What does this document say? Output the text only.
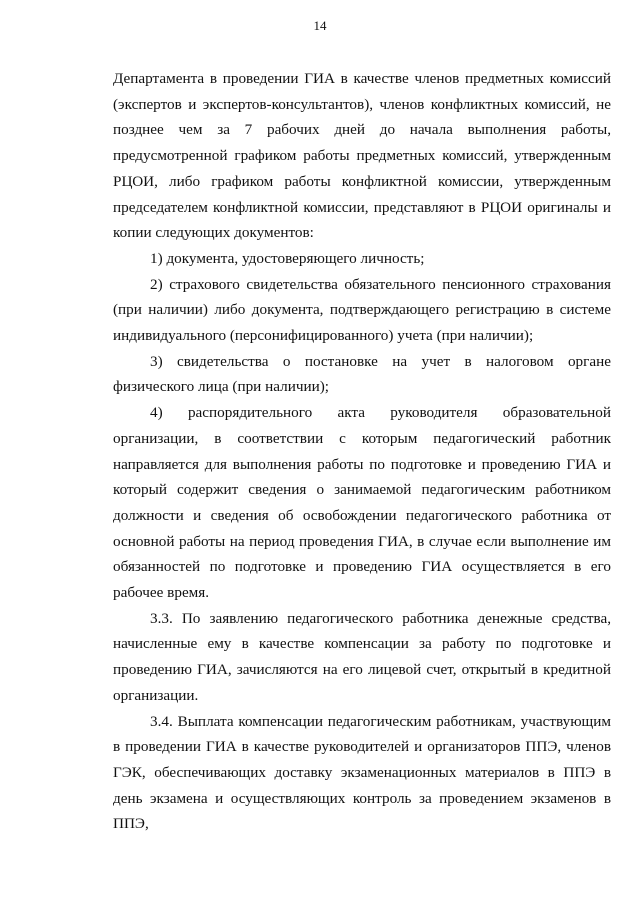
14

Департамента в проведении ГИА в качестве членов предметных комиссий (экспертов и экспертов-консультантов), членов конфликтных комиссий, не позднее чем за 7 рабочих дней до начала выполнения работы, предусмотренной графиком работы предметных комиссий, утвержденным РЦОИ, либо графиком работы конфликтной комиссии, утвержденным председателем конфликтной комиссии, представляют в РЦОИ оригиналы и копии следующих документов:

1) документа, удостоверяющего личность;

2) страхового свидетельства обязательного пенсионного страхования (при наличии) либо документа, подтверждающего регистрацию в системе индивидуального (персонифицированного) учета (при наличии);

3) свидетельства о постановке на учет в налоговом органе физического лица (при наличии);

4) распорядительного акта руководителя образовательной организации, в соответствии с которым педагогический работник направляется для выполнения работы по подготовке и проведению ГИА и который содержит сведения о занимаемой педагогическим работником должности и сведения об освобождении педагогического работника от основной работы на период проведения ГИА, в случае если выполнение им обязанностей по подготовке и проведению ГИА осуществляется в его рабочее время.

3.3. По заявлению педагогического работника денежные средства, начисленные ему в качестве компенсации за работу по подготовке и проведению ГИА, зачисляются на его лицевой счет, открытый в кредитной организации.

3.4. Выплата компенсации педагогическим работникам, участвующим в проведении ГИА в качестве руководителей и организаторов ППЭ, членов ГЭК, обеспечивающих доставку экзаменационных материалов в ППЭ в день экзамена и осуществляющих контроль за проведением экзаменов в ППЭ,
